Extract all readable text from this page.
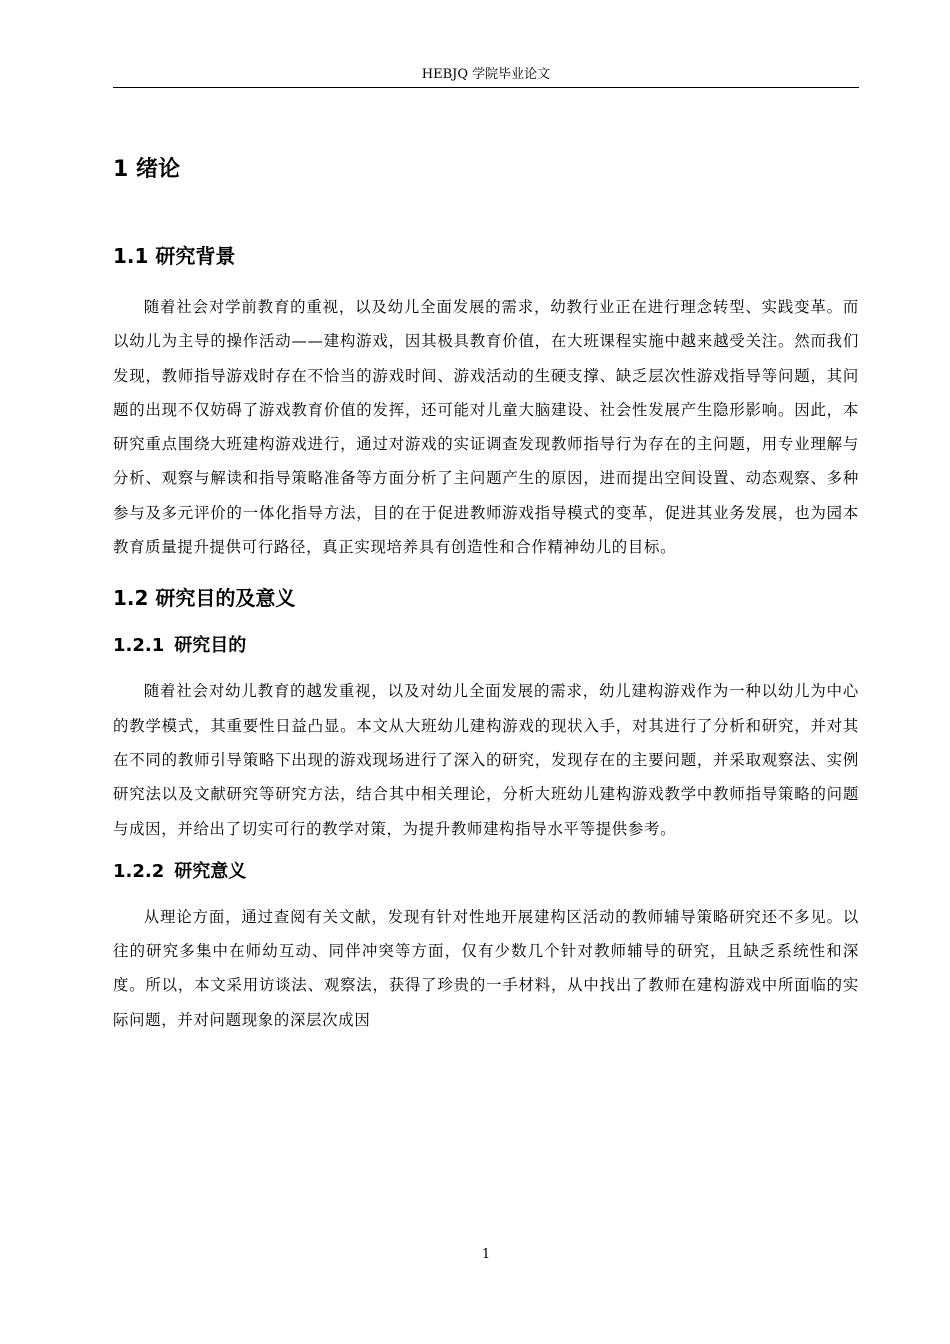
HEBJQ 学院毕业论文
1 绪论
1.1 研究背景

随着社会对学前教育的重视，以及幼儿全面发展的需求，幼教行业正在进行理念转型、实践变革。而以幼儿为主导的操作活动——建构游戏，因其极具教育价值，在大班课程实施中越来越受关注。然而我们发现，教师指导游戏时存在不恰当的游戏时间、游戏活动的生硬支撑、缺乏层次性游戏指导等问题，其问题的出现不仅妨碍了游戏教育价值的发挥，还可能对儿童大脑建设、社会性发展产生隐形影响。因此，本研究重点围绕大班建构游戏进行，通过对游戏的实证调查发现教师指导行为存在的主问题，用专业理解与分析、观察与解读和指导策略准备等方面分析了主问题产生的原因，进而提出空间设置、动态观察、多种参与及多元评价的一体化指导方法，目的在于促进教师游戏指导模式的变革，促进其业务发展，也为园本教育质量提升提供可行路径，真正实现培养具有创造性和合作精神幼儿的目标。

1.2 研究目的及意义
1.2.1 研究目的

随着社会对幼儿教育的越发重视，以及对幼儿全面发展的需求，幼儿建构游戏作为一种以幼儿为中心的教学模式，其重要性日益凸显。本文从大班幼儿建构游戏的现状入手，对其进行了分析和研究，并对其在不同的教师引导策略下出现的游戏现场进行了深入的研究，发现存在的主要问题，并采取观察法、实例研究法以及文献研究等研究方法，结合其中相关理论，分析大班幼儿建构游戏教学中教师指导策略的问题与成因，并给出了切实可行的教学对策，为提升教师建构指导水平等提供参考。

1.2.2 研究意义

从理论方面，通过查阅有关文献，发现有针对性地开展建构区活动的教师辅导策略研究还不多见。以往的研究多集中在师幼互动、同伴冲突等方面，仅有少数几个针对教师辅导的研究，且缺乏系统性和深度。所以，本文采用访谈法、观察法，获得了珍贵的一手材料，从中找出了教师在建构游戏中所面临的实际问题，并对问题现象的深层次成因

1
